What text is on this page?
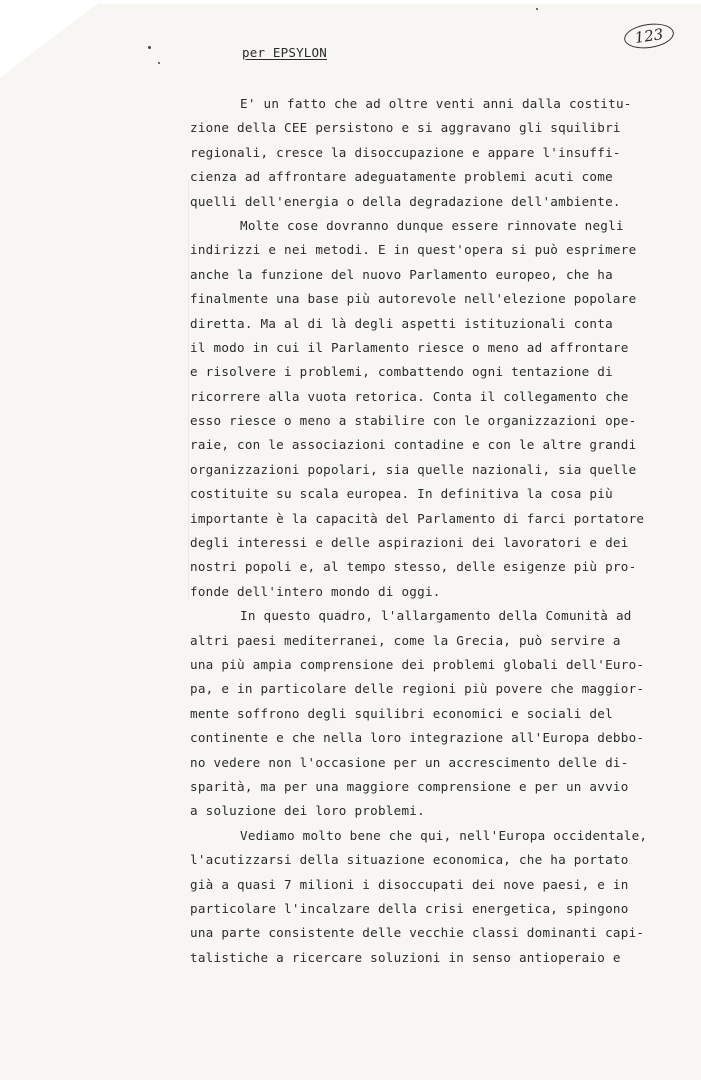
per EPSYLON
123
E' un fatto che ad oltre venti anni dalla costitu-
zione della CEE persistono e si aggravano gli squilibri
regionali, cresce la disoccupazione e appare l'insuffi-
cienza ad affrontare adeguatamente problemi acuti come
quelli dell'energia o della degradazione dell'ambiente.
Molte cose dovranno dunque essere rinnovate negli
indirizzi e nei metodi. E in quest'opera si può esprimere
anche la funzione del nuovo Parlamento europeo, che ha
finalmente una base più autorevole nell'elezione popolare
diretta. Ma al di là degli aspetti istituzionali conta
il modo in cui il Parlamento riesce o meno ad affrontare
e risolvere i problemi, combattendo ogni tentazione di
ricorrere alla vuota retorica. Conta il collegamento che
esso riesce o meno a stabilire con le organizzazioni ope-
raie, con le associazioni contadine e con le altre grandi
organizzazioni popolari, sia quelle nazionali, sia quelle
costituite su scala europea. In definitiva la cosa più
importante è la capacità del Parlamento di farci portatore
degli interessi e delle aspirazioni dei lavoratori e dei
nostri popoli e, al tempo stesso, delle esigenze più pro-
fonde dell'intero mondo di oggi.
In questo quadro, l'allargamento della Comunità ad
altri paesi mediterranei, come la Grecia, può servire a
una più ampia comprensione dei problemi globali dell'Euro-
pa, e in particolare delle regioni più povere che maggior-
mente soffrono degli squilibri economici e sociali del
continente e che nella loro integrazione all'Europa debbo-
no vedere non l'occasione per un accrescimento delle di-
sparità, ma per una maggiore comprensione e per un avvio
a soluzione dei loro problemi.
Vediamo molto bene che qui, nell'Europa occidentale,
l'acutizzarsi della situazione economica, che ha portato
già a quasi 7 milioni i disoccupati dei nove paesi, e in
particolare l'incalzare della crisi energetica, spingono
una parte consistente delle vecchie classi dominanti capi-
talistiche a ricercare soluzioni in senso antioperaio e
